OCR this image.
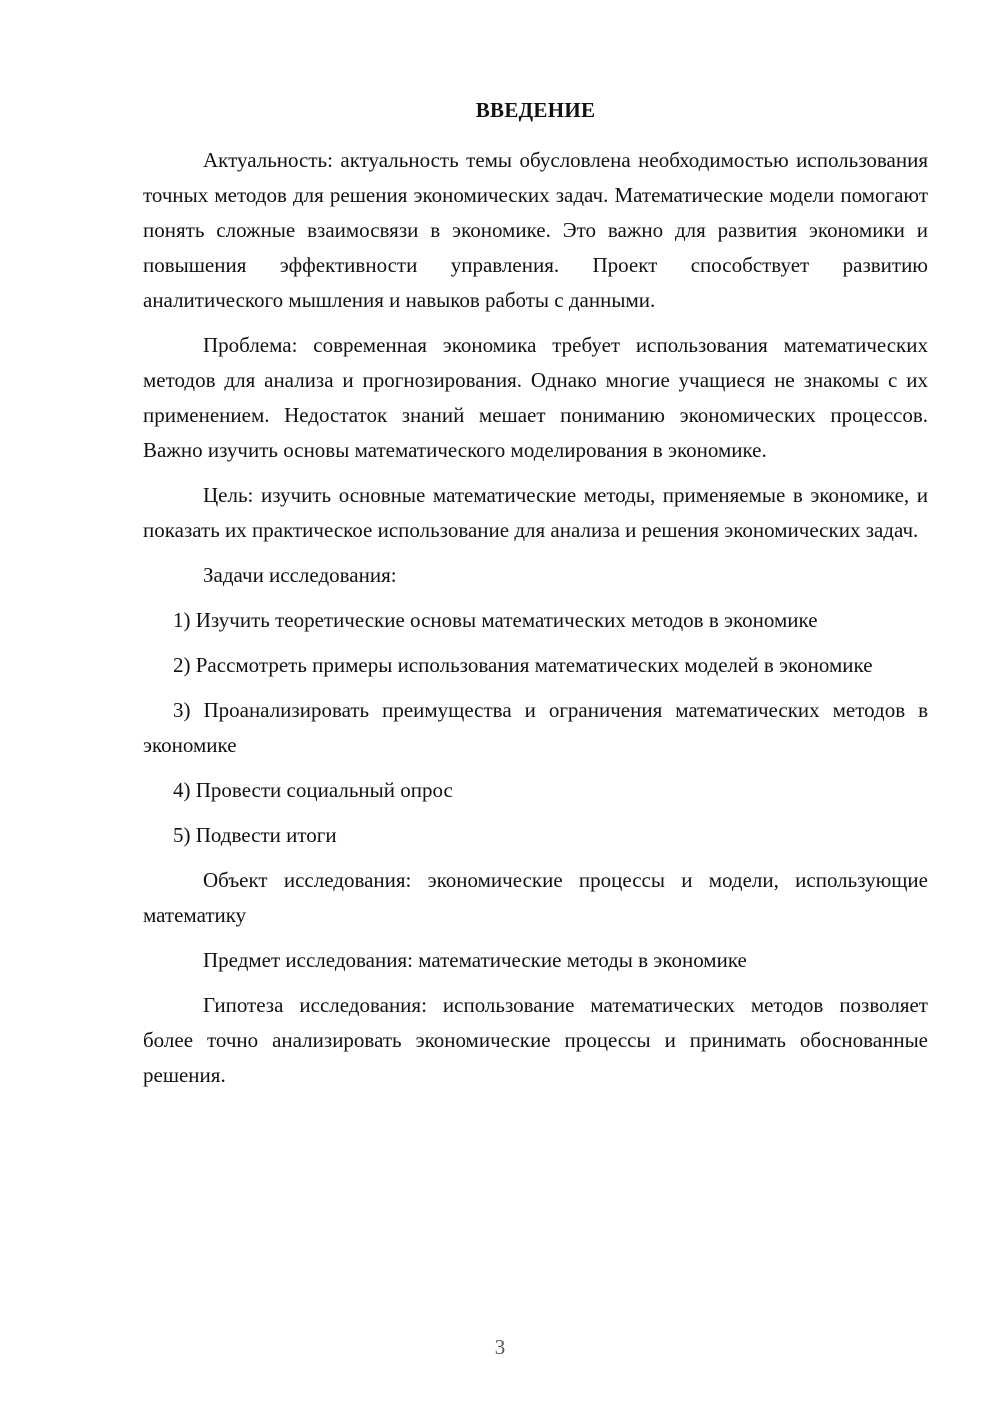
ВВЕДЕНИЕ

Актуальность: актуальность темы обусловлена необходимостью использования точных методов для решения экономических задач. Математические модели помогают понять сложные взаимосвязи в экономике. Это важно для развития экономики и повышения эффективности управления. Проект способствует развитию аналитического мышления и навыков работы с данными.

Проблема: современная экономика требует использования математических методов для анализа и прогнозирования. Однако многие учащиеся не знакомы с их применением. Недостаток знаний мешает пониманию экономических процессов. Важно изучить основы математического моделирования в экономике.

Цель: изучить основные математические методы, применяемые в экономике, и показать их практическое использование для анализа и решения экономических задач.

Задачи исследования:

1) Изучить теоретические основы математических методов в экономике

2) Рассмотреть примеры использования математических моделей в экономике

3) Проанализировать преимущества и ограничения математических методов в экономике

4) Провести социальный опрос

5) Подвести итоги

Объект исследования: экономические процессы и модели, использующие математику

Предмет исследования: математические методы в экономике

Гипотеза исследования: использование математических методов позволяет более точно анализировать экономические процессы и принимать обоснованные решения.

3
